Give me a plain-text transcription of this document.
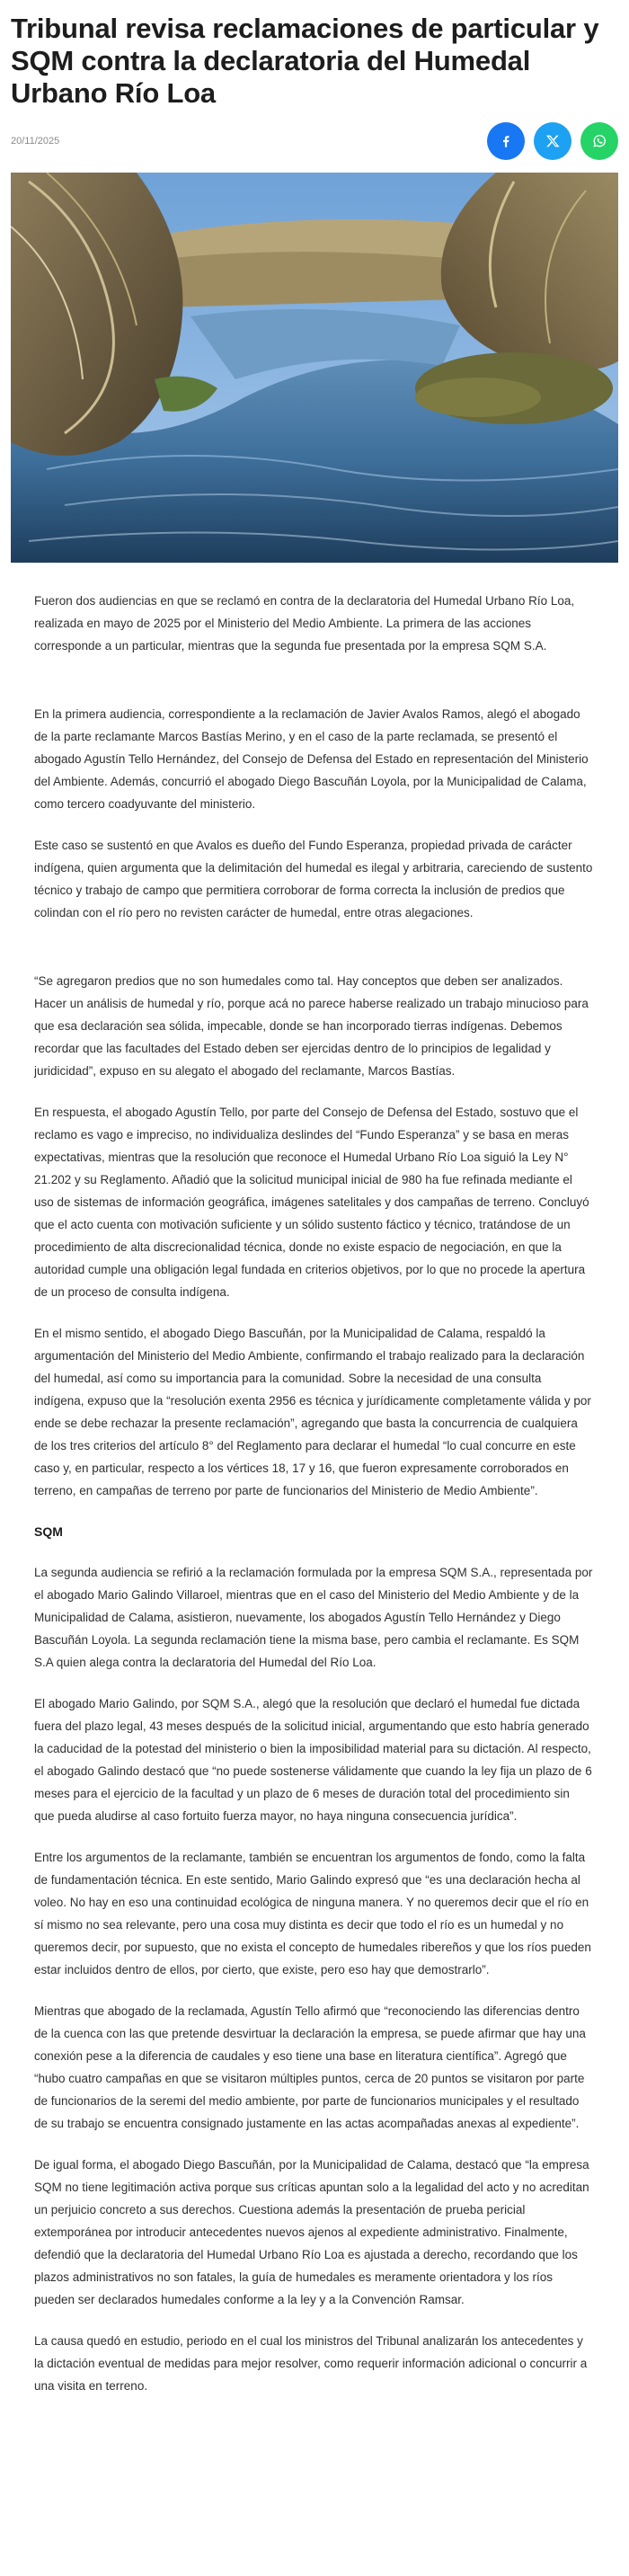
Tribunal revisa reclamaciones de particular y SQM contra la declaratoria del Humedal Urbano Río Loa
20/11/2025

Fueron dos audiencias en que se reclamó en contra de la declaratoria del Humedal Urbano Río Loa, realizada en mayo de 2025 por el Ministerio del Medio Ambiente. La primera de las acciones corresponde a un particular, mientras que la segunda fue presentada por la empresa SQM S.A.

En la primera audiencia, correspondiente a la reclamación de Javier Avalos Ramos, alegó el abogado de la parte reclamante Marcos Bastías Merino, y en el caso de la parte reclamada, se presentó el abogado Agustín Tello Hernández, del Consejo de Defensa del Estado en representación del Ministerio del Ambiente. Además, concurrió el abogado Diego Bascuñán Loyola, por la Municipalidad de Calama, como tercero coadyuvante del ministerio.

Este caso se sustentó en que Avalos es dueño del Fundo Esperanza, propiedad privada de carácter indígena, quien argumenta que la delimitación del humedal es ilegal y arbitraria, careciendo de sustento técnico y trabajo de campo que permitiera corroborar de forma correcta la inclusión de predios que colindan con el río pero no revisten carácter de humedal, entre otras alegaciones.

“Se agregaron predios que no son humedales como tal. Hay conceptos que deben ser analizados. Hacer un análisis de humedal y río, porque acá no parece haberse realizado un trabajo minucioso para que esa declaración sea sólida, impecable, donde se han incorporado tierras indígenas. Debemos recordar que las facultades del Estado deben ser ejercidas dentro de lo principios de legalidad y juridicidad”, expuso en su alegato el abogado del reclamante, Marcos Bastías.

En respuesta, el abogado Agustín Tello, por parte del Consejo de Defensa del Estado, sostuvo que el reclamo es vago e impreciso, no individualiza deslindes del “Fundo Esperanza” y se basa en meras expectativas, mientras que la resolución que reconoce el Humedal Urbano Río Loa siguió la Ley N° 21.202 y su Reglamento. Añadió que la solicitud municipal inicial de 980 ha fue refinada mediante el uso de sistemas de información geográfica, imágenes satelitales y dos campañas de terreno. Concluyó que el acto cuenta con motivación suficiente y un sólido sustento fáctico y técnico, tratándose de un procedimiento de alta discrecionalidad técnica, donde no existe espacio de negociación, en que la autoridad cumple una obligación legal fundada en criterios objetivos, por lo que no procede la apertura de un proceso de consulta indígena.

En el mismo sentido, el abogado Diego Bascuñán, por la Municipalidad de Calama, respaldó la argumentación del Ministerio del Medio Ambiente, confirmando el trabajo realizado para la declaración del humedal, así como su importancia para la comunidad. Sobre la necesidad de una consulta indígena, expuso que la “resolución exenta 2956 es técnica y jurídicamente completamente válida y por ende se debe rechazar la presente reclamación”, agregando que basta la concurrencia de cualquiera de los tres criterios del artículo 8° del Reglamento para declarar el humedal “lo cual concurre en este caso y, en particular, respecto a los vértices 18, 17 y 16, que fueron expresamente corroborados en terreno, en campañas de terreno por parte de funcionarios del Ministerio de Medio Ambiente”.

SQM

La segunda audiencia se refirió a la reclamación formulada por la empresa SQM S.A., representada por el abogado Mario Galindo Villaroel, mientras que en el caso del Ministerio del Medio Ambiente y de la Municipalidad de Calama, asistieron, nuevamente, los abogados Agustín Tello Hernández y Diego Bascuñán Loyola. La segunda reclamación tiene la misma base, pero cambia el reclamante. Es SQM S.A quien alega contra la declaratoria del Humedal del Río Loa.

El abogado Mario Galindo, por SQM S.A., alegó que la resolución que declaró el humedal fue dictada fuera del plazo legal, 43 meses después de la solicitud inicial, argumentando que esto habría generado la caducidad de la potestad del ministerio o bien la imposibilidad material para su dictación. Al respecto, el abogado Galindo destacó que “no puede sostenerse válidamente que cuando la ley fija un plazo de 6 meses para el ejercicio de la facultad y un plazo de 6 meses de duración total del procedimiento sin que pueda aludirse al caso fortuito fuerza mayor, no haya ninguna consecuencia jurídica”.

Entre los argumentos de la reclamante, también se encuentran los argumentos de fondo, como la falta de fundamentación técnica. En este sentido, Mario Galindo expresó que “es una declaración hecha al voleo. No hay en eso una continuidad ecológica de ninguna manera. Y no queremos decir que el río en sí mismo no sea relevante, pero una cosa muy distinta es decir que todo el río es un humedal y no queremos decir, por supuesto, que no exista el concepto de humedales ribereños y que los ríos pueden estar incluidos dentro de ellos, por cierto, que existe, pero eso hay que demostrarlo”.

Mientras que abogado de la reclamada, Agustín Tello afirmó que “reconociendo las diferencias dentro de la cuenca con las que pretende desvirtuar la declaración la empresa, se puede afirmar que hay una conexión pese a la diferencia de caudales y eso tiene una base en literatura científica”. Agregó que “hubo cuatro campañas en que se visitaron múltiples puntos, cerca de 20 puntos se visitaron por parte de funcionarios de la seremi del medio ambiente, por parte de funcionarios municipales y el resultado de su trabajo se encuentra consignado justamente en las actas acompañadas anexas al expediente”.

De igual forma, el abogado Diego Bascuñán, por la Municipalidad de Calama, destacó que “la empresa SQM no tiene legitimación activa porque sus críticas apuntan solo a la legalidad del acto y no acreditan un perjuicio concreto a sus derechos. Cuestiona además la presentación de prueba pericial extemporánea por introducir antecedentes nuevos ajenos al expediente administrativo. Finalmente, defendió que la declaratoria del Humedal Urbano Río Loa es ajustada a derecho, recordando que los plazos administrativos no son fatales, la guía de humedales es meramente orientadora y los ríos pueden ser declarados humedales conforme a la ley y a la Convención Ramsar.

La causa quedó en estudio, periodo en el cual los ministros del Tribunal analizarán los antecedentes y la dictación eventual de medidas para mejor resolver, como requerir información adicional o concurrir a una visita en terreno.
